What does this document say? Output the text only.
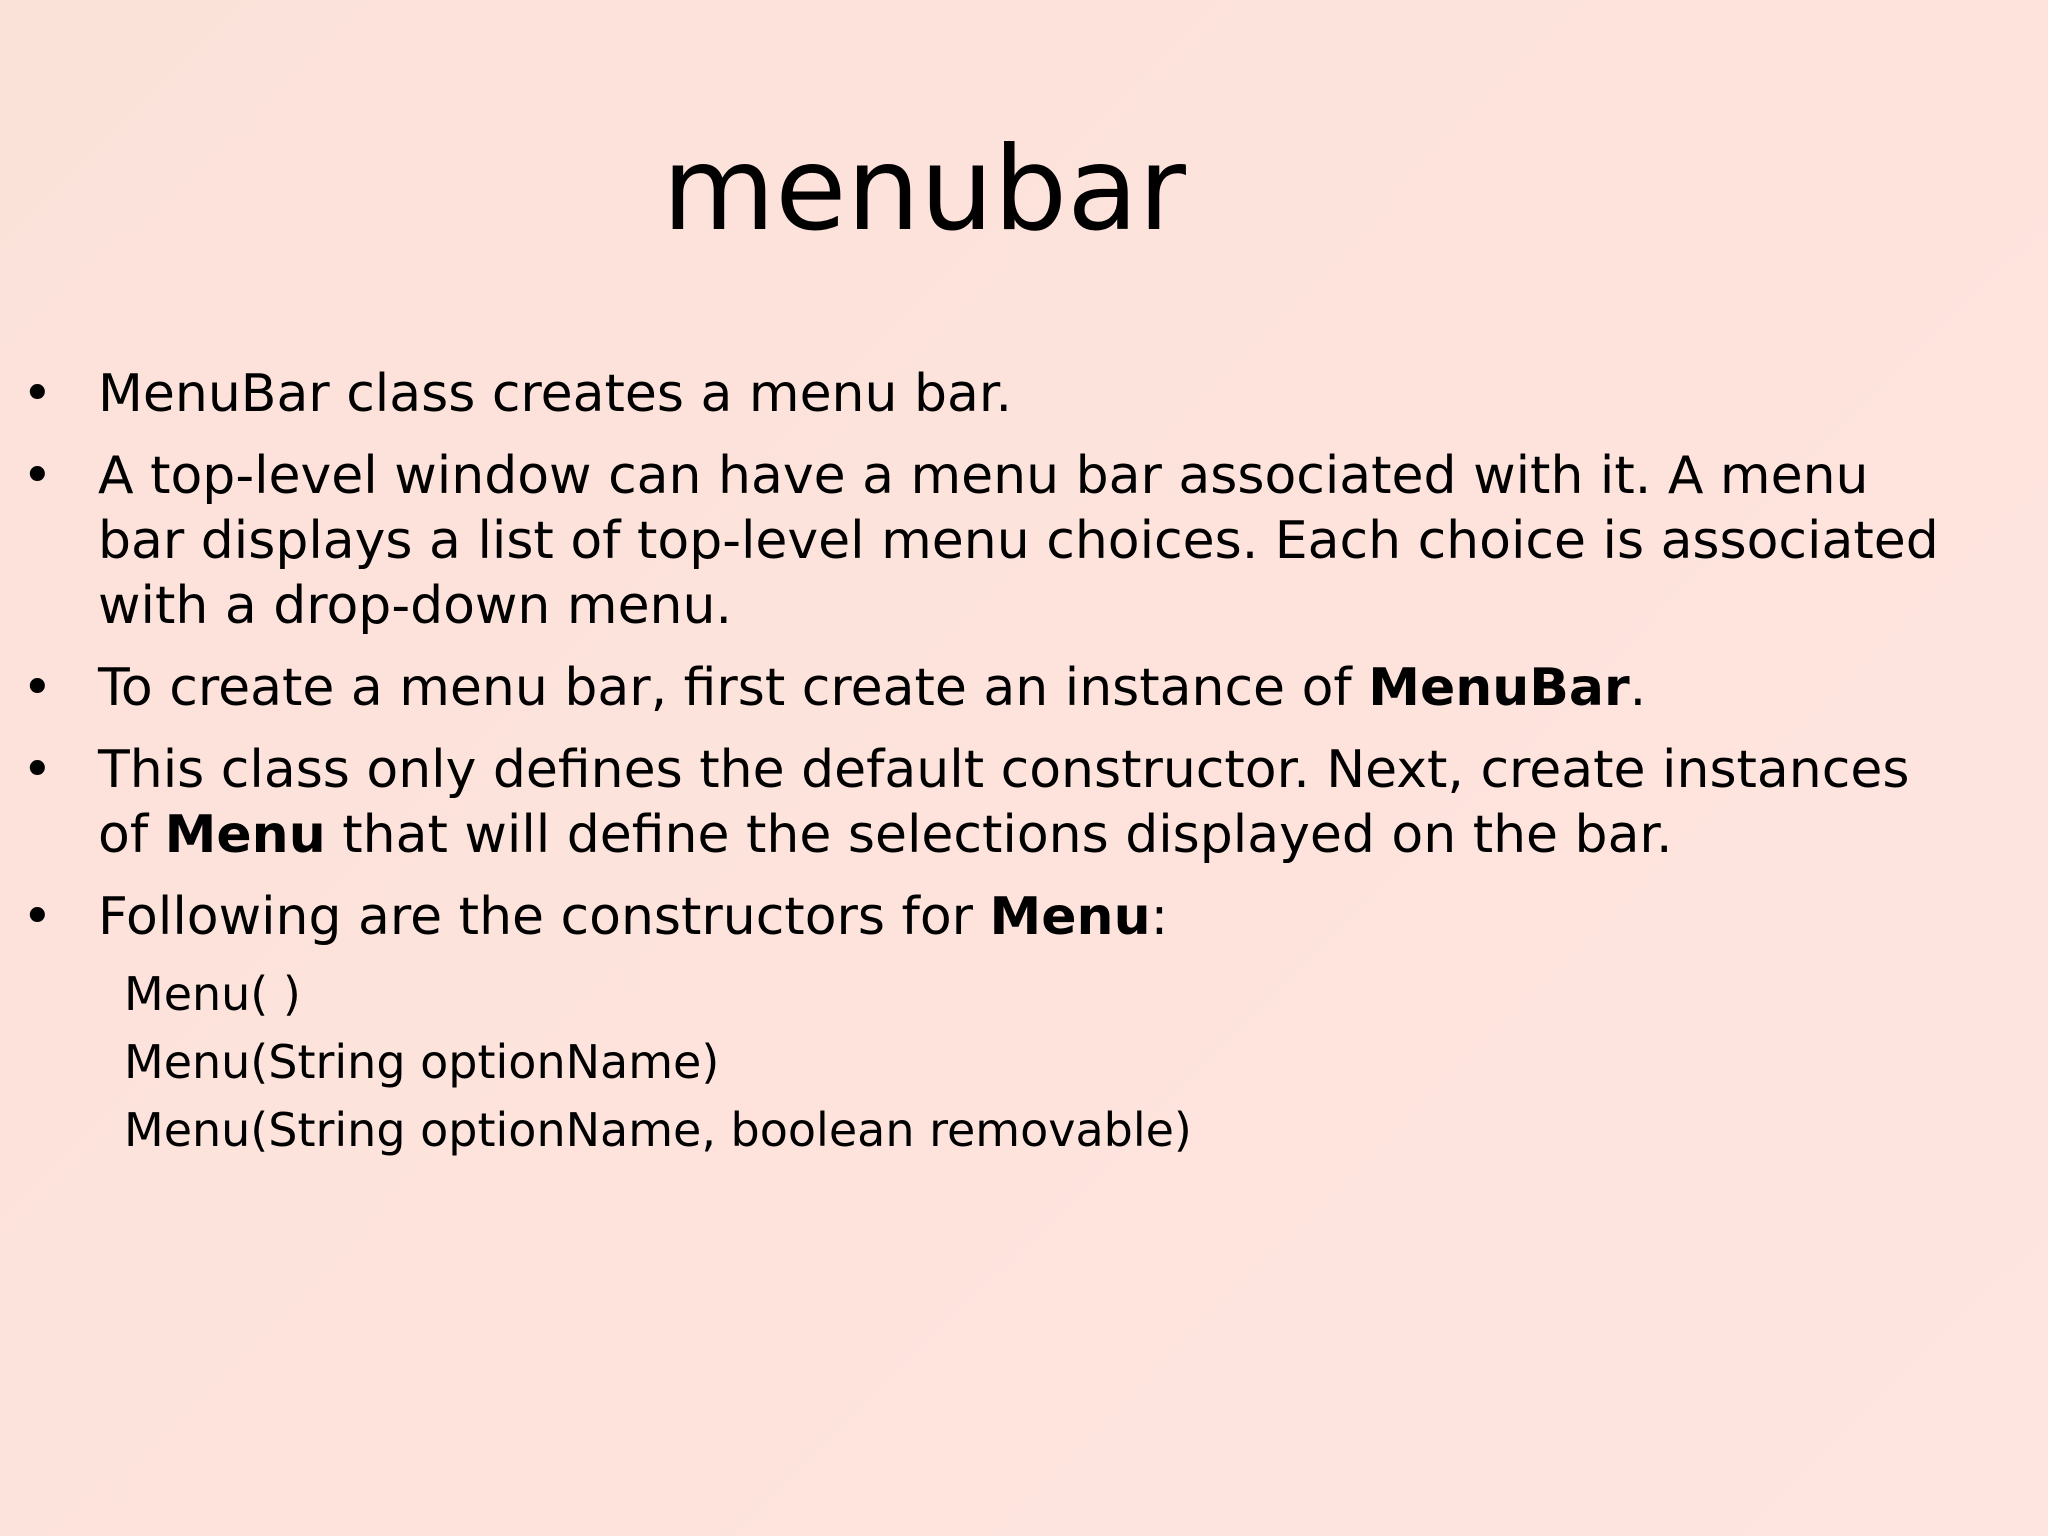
menubar
• MenuBar class creates a menu bar.
• A top-level window can have a menu bar associated with it. A menu bar displays a list of top-level menu choices. Each choice is associated with a drop-down menu.
• To create a menu bar, first create an instance of MenuBar.
• This class only defines the default constructor. Next, create instances of Menu that will define the selections displayed on the bar.
• Following are the constructors for Menu:
Menu( )
Menu(String optionName)
Menu(String optionName, boolean removable)
